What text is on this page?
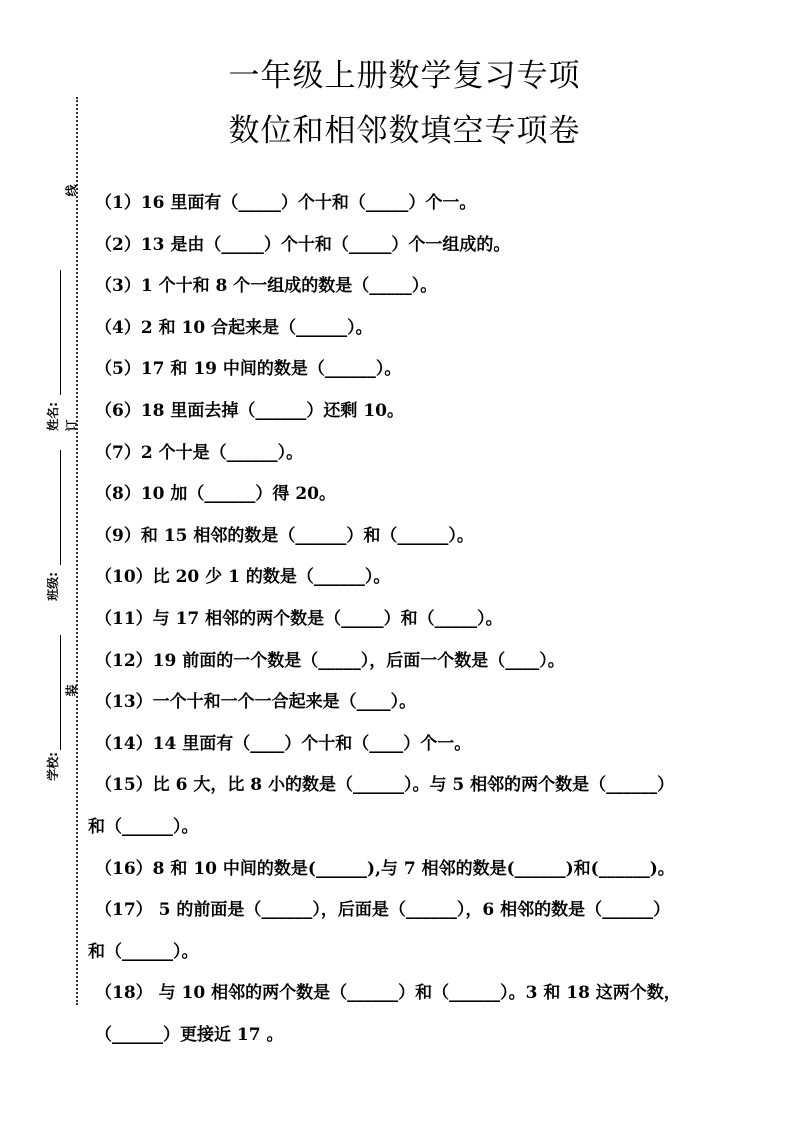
一年级上册数学复习专项
数位和相邻数填空专项卷
线
订
装
姓名:
班级:
学校:
（1）16 里面有（_____）个十和（_____）个一。
（2）13 是由（_____）个十和（_____）个一组成的。
（3）1 个十和 8 个一组成的数是（_____）。
（4）2 和 10 合起来是（______）。
（5）17 和 19 中间的数是（______）。
（6）18 里面去掉（______）还剩 10。
（7）2 个十是（______）。
（8）10 加（______）得 20。
（9）和 15 相邻的数是（______）和（______）。
（10）比 20 少 1 的数是（______）。
（11）与 17 相邻的两个数是（_____）和（_____）。
（12）19 前面的一个数是（_____），后面一个数是（____）。
（13）一个十和一个一合起来是（____）。
（14）14 里面有（____）个十和（____）个一。
（15）比 6 大，比 8 小的数是（______）。与 5 相邻的两个数是（______）
和（______）。
（16）8 和 10 中间的数是(______),与 7 相邻的数是(______)和(______)。
（17） 5 的前面是（______），后面是（______），6 相邻的数是（______）
和（______）。
（18） 与 10 相邻的两个数是（______）和（______）。3 和 18 这两个数，
（______）更接近 17 。
